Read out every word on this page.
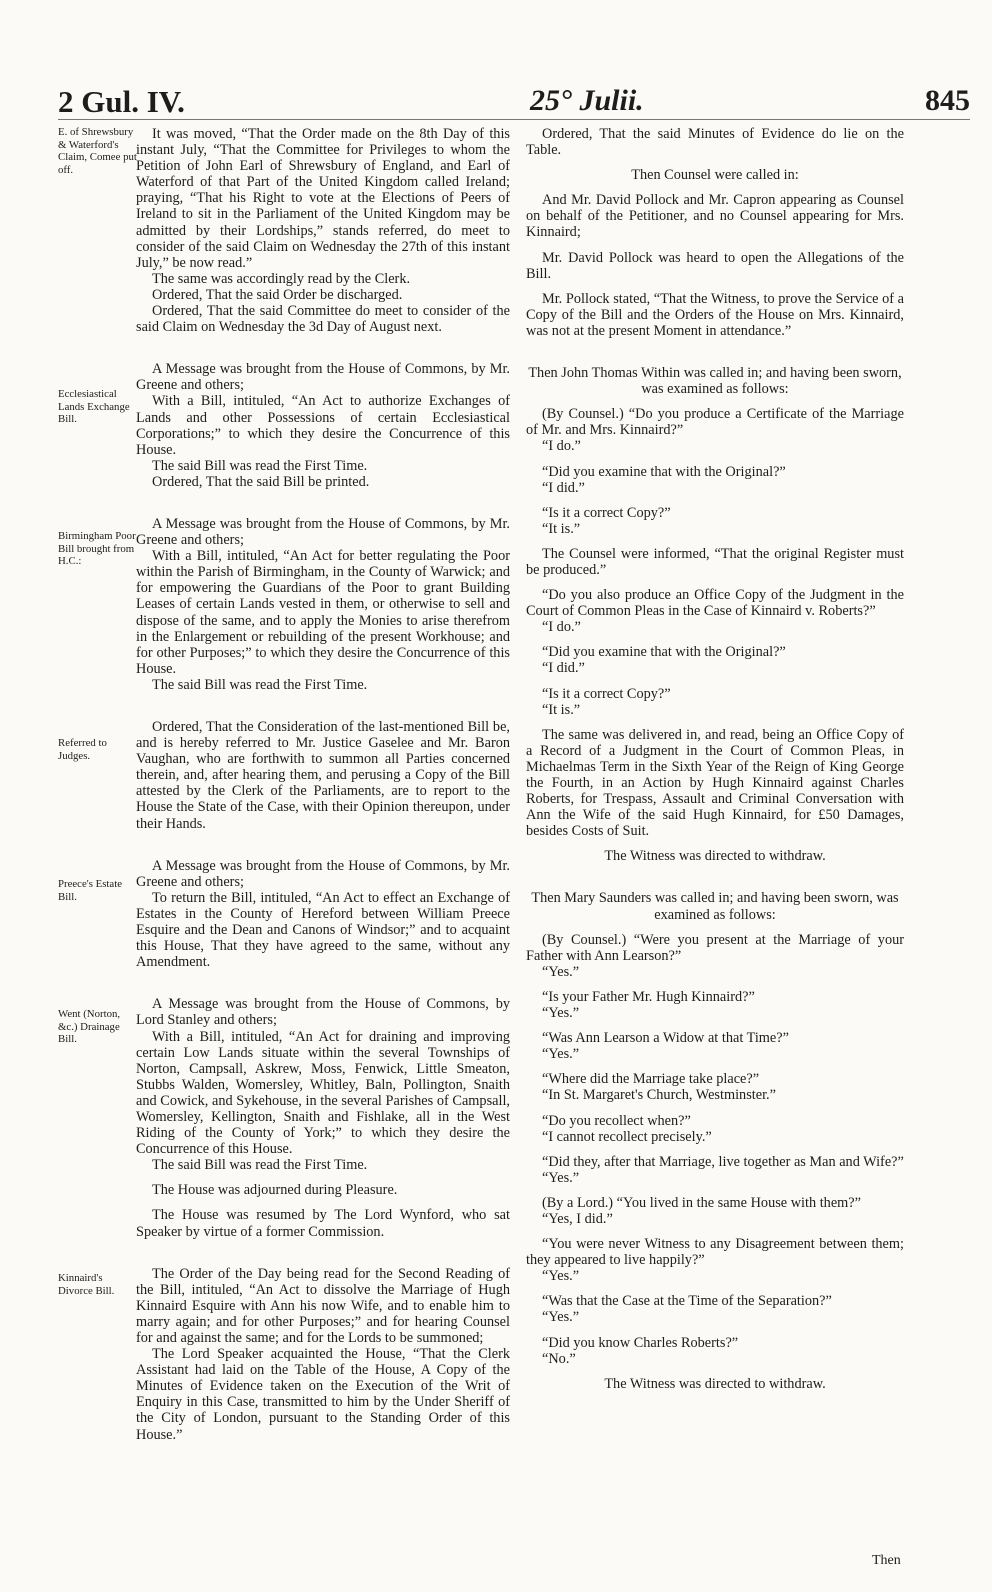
2 Gul. IV.	25° Julii.	845
E. of Shrewsbury & Waterford's Claim, Comee put off.
Ecclesiastical Lands Exchange Bill.
Birmingham Poor Bill brought from H.C.:
Referred to Judges.
Preece's Estate Bill.
Went (Norton, &c.) Drainage Bill.
Kinnaird's Divorce Bill.

It was moved, “That the Order made on the 8th Day of this instant July, “That the Committee for Privileges to whom the Petition of John Earl of Shrewsbury of England, and Earl of Waterford of that Part of the United Kingdom called Ireland; praying, “That his Right to vote at the Elections of Peers of Ireland to sit in the Parliament of the United Kingdom may be admitted by their Lordships,” stands referred, do meet to consider of the said Claim on Wednesday the 27th of this instant July,” be now read.”

The same was accordingly read by the Clerk.

Ordered, That the said Order be discharged.

Ordered, That the said Committee do meet to consider of the said Claim on Wednesday the 3d Day of August next.

A Message was brought from the House of Commons, by Mr. Greene and others;

With a Bill, intituled, “An Act to authorize Exchanges of Lands and other Possessions of certain Ecclesiastical Corporations;” to which they desire the Concurrence of this House.

The said Bill was read the First Time.

Ordered, That the said Bill be printed.

A Message was brought from the House of Commons, by Mr. Greene and others;

With a Bill, intituled, “An Act for better regulating the Poor within the Parish of Birmingham, in the County of Warwick; and for empowering the Guardians of the Poor to grant Building Leases of certain Lands vested in them, or otherwise to sell and dispose of the same, and to apply the Monies to arise therefrom in the Enlargement or rebuilding of the present Workhouse; and for other Purposes;” to which they desire the Concurrence of this House.

The said Bill was read the First Time.

Ordered, That the Consideration of the last-mentioned Bill be, and is hereby referred to Mr. Justice Gaselee and Mr. Baron Vaughan, who are forthwith to summon all Parties concerned therein, and, after hearing them, and perusing a Copy of the Bill attested by the Clerk of the Parliaments, are to report to the House the State of the Case, with their Opinion thereupon, under their Hands.

A Message was brought from the House of Commons, by Mr. Greene and others;

To return the Bill, intituled, “An Act to effect an Exchange of Estates in the County of Hereford between William Preece Esquire and the Dean and Canons of Windsor;” and to acquaint this House, That they have agreed to the same, without any Amendment.

A Message was brought from the House of Commons, by Lord Stanley and others;

With a Bill, intituled, “An Act for draining and improving certain Low Lands situate within the several Townships of Norton, Campsall, Askrew, Moss, Fenwick, Little Smeaton, Stubbs Walden, Womersley, Whitley, Baln, Pollington, Snaith and Cowick, and Sykehouse, in the several Parishes of Campsall, Womersley, Kellington, Snaith and Fishlake, all in the West Riding of the County of York;” to which they desire the Concurrence of this House.

The said Bill was read the First Time.

The House was adjourned during Pleasure.

The House was resumed by The Lord Wynford, who sat Speaker by virtue of a former Commission.

The Order of the Day being read for the Second Reading of the Bill, intituled, “An Act to dissolve the Marriage of Hugh Kinnaird Esquire with Ann his now Wife, and to enable him to marry again; and for other Purposes;” and for hearing Counsel for and against the same; and for the Lords to be summoned;

The Lord Speaker acquainted the House, “That the Clerk Assistant had laid on the Table of the House, A Copy of the Minutes of Evidence taken on the Execution of the Writ of Enquiry in this Case, transmitted to him by the Under Sheriff of the City of London, pursuant to the Standing Order of this House.”

Ordered, That the said Minutes of Evidence do lie on the Table.

Then Counsel were called in:

And Mr. David Pollock and Mr. Capron appearing as Counsel on behalf of the Petitioner, and no Counsel appearing for Mrs. Kinnaird;

Mr. David Pollock was heard to open the Allegations of the Bill.

Mr. Pollock stated, “That the Witness, to prove the Service of a Copy of the Bill and the Orders of the House on Mrs. Kinnaird, was not at the present Moment in attendance.”

Then John Thomas Within was called in; and having been sworn, was examined as follows:

(By Counsel.) “Do you produce a Certificate of the Marriage of Mr. and Mrs. Kinnaird?”

“I do.”

“Did you examine that with the Original?”

“I did.”

“Is it a correct Copy?”

“It is.”

The Counsel were informed, “That the original Register must be produced.”

“Do you also produce an Office Copy of the Judgment in the Court of Common Pleas in the Case of Kinnaird v. Roberts?”

“I do.”

“Did you examine that with the Original?”

“I did.”

“Is it a correct Copy?”

“It is.”

The same was delivered in, and read, being an Office Copy of a Record of a Judgment in the Court of Common Pleas, in Michaelmas Term in the Sixth Year of the Reign of King George the Fourth, in an Action by Hugh Kinnaird against Charles Roberts, for Trespass, Assault and Criminal Conversation with Ann the Wife of the said Hugh Kinnaird, for £50 Damages, besides Costs of Suit.

The Witness was directed to withdraw.

Then Mary Saunders was called in; and having been sworn, was examined as follows:

(By Counsel.) “Were you present at the Marriage of your Father with Ann Learson?”

“Yes.”

“Is your Father Mr. Hugh Kinnaird?”

“Yes.”

“Was Ann Learson a Widow at that Time?”

“Yes.”

“Where did the Marriage take place?”

“In St. Margaret's Church, Westminster.”

“Do you recollect when?”

“I cannot recollect precisely.”

“Did they, after that Marriage, live together as Man and Wife?”

“Yes.”

(By a Lord.) “You lived in the same House with them?”

“Yes, I did.”

“You were never Witness to any Disagreement between them; they appeared to live happily?”

“Yes.”

“Was that the Case at the Time of the Separation?”

“Yes.”

“Did you know Charles Roberts?”

“No.”

The Witness was directed to withdraw.

Then
